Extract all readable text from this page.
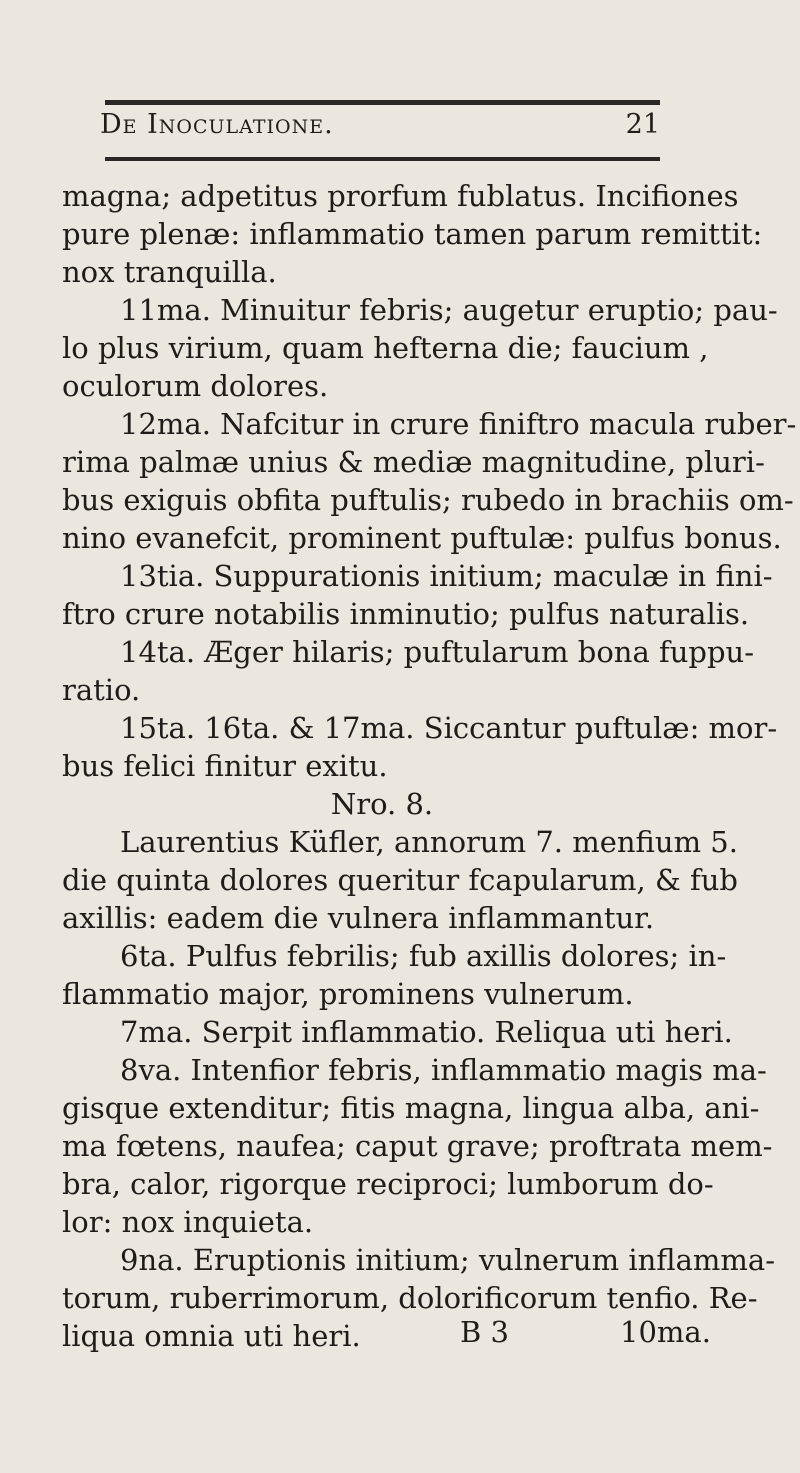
De Inoculatione.	21
magna; adpetitus prorfum fublatus. Incifiones
pure plenæ: inflammatio tamen parum remittit:
nox tranquilla.
11ma. Minuitur febris; augetur eruptio; pau-
lo plus virium, quam hefterna die; faucium ,
oculorum dolores.
12ma. Nafcitur in crure finiftro macula ruber-
rima palmæ unius & mediæ magnitudine, pluri-
bus exiguis obfita puftulis; rubedo in brachiis om-
nino evanefcit, prominent puftulæ: pulfus bonus.
13tia. Suppurationis initium; maculæ in fini-
ftro crure notabilis inminutio; pulfus naturalis.
14ta. Æger hilaris; puftularum bona fuppu-
ratio.
15ta. 16ta. & 17ma. Siccantur puftulæ: mor-
bus felici finitur exitu.
Nro. 8.
Laurentius Küfler, annorum 7. menfium 5.
die quinta dolores queritur fcapularum, & fub
axillis: eadem die vulnera inflammantur.
6ta. Pulfus febrilis; fub axillis dolores; in-
flammatio major, prominens vulnerum.
7ma. Serpit inflammatio. Reliqua uti heri.
8va. Intenfior febris, inflammatio magis ma-
gisque extenditur; fitis magna, lingua alba, ani-
ma fœtens, naufea; caput grave; proftrata mem-
bra, calor, rigorque reciproci; lumborum do-
lor: nox inquieta.
9na. Eruptionis initium; vulnerum inflamma-
torum, ruberrimorum, dolorificorum tenfio. Re-
liqua omnia uti heri.	B 3	10ma.
